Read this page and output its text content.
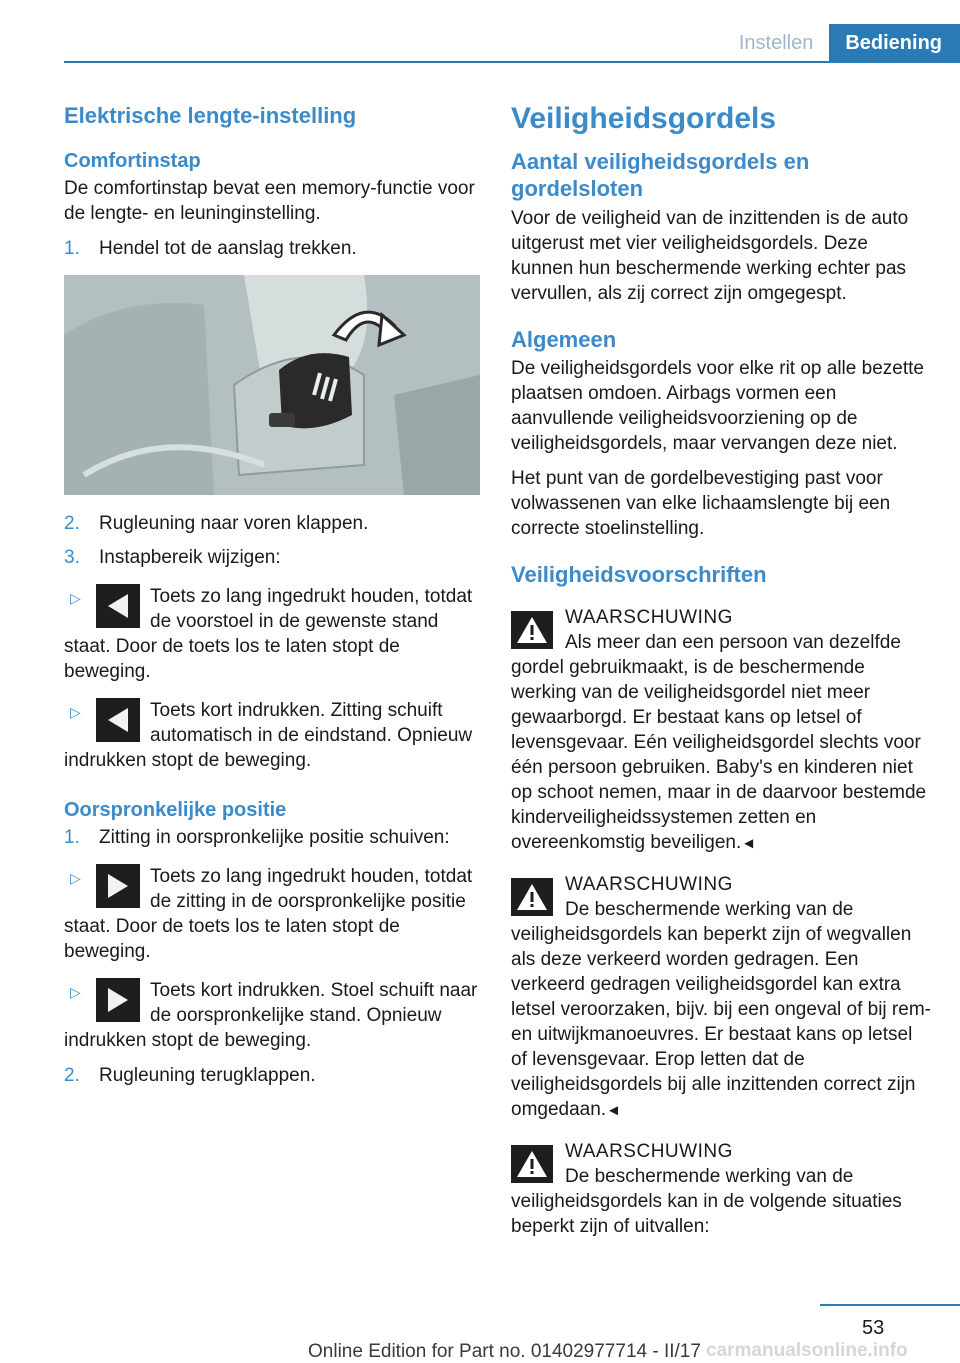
Instellen	Bediening
Elektrische lengte-instelling
Comfortinstap

De comfortinstap bevat een memory-functie voor de lengte- en leuninginstelling.

1.	Hendel tot de aanslag trekken.
2.	Rugleuning naar voren klappen.
3.	Instapbereik wijzigen:
▷	Toets zo lang ingedrukt houden, totdat de voorstoel in de gewenste stand staat. Door de toets los te laten stopt de beweging.
▷	Toets kort indrukken. Zitting schuift automatisch in de eindstand. Opnieuw indrukken stopt de beweging.
Oorspronkelijke positie
1.	Zitting in oorspronkelijke positie schuiven:
▷	Toets zo lang ingedrukt houden, totdat de zitting in de oorspronkelijke positie staat. Door de toets los te laten stopt de beweging.
▷	Toets kort indrukken. Stoel schuift naar de oorspronkelijke stand. Opnieuw indrukken stopt de beweging.
2.	Rugleuning terugklappen.
Veiligheidsgordels
Aantal veiligheidsgordels en gordelsloten

Voor de veiligheid van de inzittenden is de auto uitgerust met vier veiligheidsgordels. Deze kunnen hun beschermende werking echter pas vervullen, als zij correct zijn omgegespt.

Algemeen

De veiligheidsgordels voor elke rit op alle bezette plaatsen omdoen. Airbags vormen een aanvullende veiligheidsvoorziening op de veiligheidsgordels, maar vervangen deze niet.

Het punt van de gordelbevestiging past voor volwassenen van elke lichaamslengte bij een correcte stoelinstelling.

Veiligheidsvoorschriften
WAARSCHUWING
Als meer dan een persoon van dezelfde gordel gebruikmaakt, is de beschermende werking van de veiligheidsgordel niet meer gewaarborgd. Er bestaat kans op letsel of levensgevaar. Eén veiligheidsgordel slechts voor één persoon gebruiken. Baby's en kinderen niet op schoot nemen, maar in de daarvoor bestemde kinderveiligheidssystemen zetten en overeenkomstig beveiligen.◄
WAARSCHUWING
De beschermende werking van de veiligheidsgordels kan beperkt zijn of wegvallen als deze verkeerd worden gedragen. Een verkeerd gedragen veiligheidsgordel kan extra letsel veroorzaken, bijv. bij een ongeval of bij rem- en uitwijkmanoeuvres. Er bestaat kans op letsel of levensgevaar. Erop letten dat de veiligheidsgordels bij alle inzittenden correct zijn omgedaan.◄
WAARSCHUWING
De beschermende werking van de veiligheidsgordels kan in de volgende situaties beperkt zijn of uitvallen:
53
Online Edition for Part no. 01402977714 - II/17 carmanualsonline.info
